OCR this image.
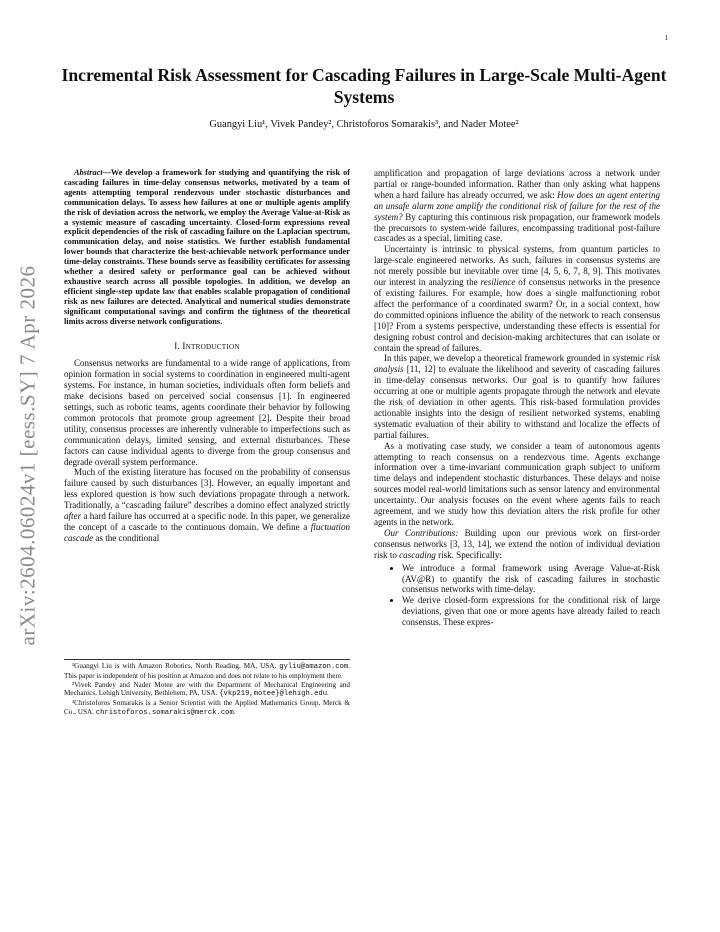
1
arXiv:2604.06024v1 [eess.SY] 7 Apr 2026
Incremental Risk Assessment for Cascading Failures in Large-Scale Multi-Agent Systems
Guangyi Liu¹, Vivek Pandey², Christoforos Somarakis³, and Nader Motee²

Abstract—We develop a framework for studying and quantifying the risk of cascading failures in time-delay consensus networks, motivated by a team of agents attempting temporal rendezvous under stochastic disturbances and communication delays. To assess how failures at one or multiple agents amplify the risk of deviation across the network, we employ the Average Value-at-Risk as a systemic measure of cascading uncertainty. Closed-form expressions reveal explicit dependencies of the risk of cascading failure on the Laplacian spectrum, communication delay, and noise statistics. We further establish fundamental lower bounds that characterize the best-achievable network performance under time-delay constraints. These bounds serve as feasibility certificates for assessing whether a desired safety or performance goal can be achieved without exhaustive search across all possible topologies. In addition, we develop an efficient single-step update law that enables scalable propagation of conditional risk as new failures are detected. Analytical and numerical studies demonstrate significant computational savings and confirm the tightness of the theoretical limits across diverse network configurations.

I. INTRODUCTION

Consensus networks are fundamental to a wide range of applications, from opinion formation in social systems to coordination in engineered multi-agent systems. For instance, in human societies, individuals often form beliefs and make decisions based on perceived social consensus [1]. In engineered settings, such as robotic teams, agents coordinate their behavior by following common protocols that promote group agreement [2]. Despite their broad utility, consensus processes are inherently vulnerable to imperfections such as communication delays, limited sensing, and external disturbances. These factors can cause individual agents to diverge from the group consensus and degrade overall system performance.

Much of the existing literature has focused on the probability of consensus failure caused by such disturbances [3]. However, an equally important and less explored question is how such deviations propagate through a network. Traditionally, a “cascading failure” describes a domino effect analyzed strictly after a hard failure has occurred at a specific node. In this paper, we generalize the concept of a cascade to the continuous domain. We define a fluctuation cascade as the conditional

¹Guangyi Liu is with Amazon Robotics, North Reading, MA, USA. gyliu@amazon.com. This paper is independent of his position at Amazon and does not relate to his employment there.
²Vivek Pandey and Nader Motee are with the Department of Mechanical Engineering and Mechanics, Lehigh University, Bethlehem, PA, USA. {vkp219,motee}@lehigh.edu.
³Christoforos Somarakis is a Senior Scientist with the Applied Mathematics Group, Merck & Co., USA. christoforos.somarakis@merck.com.

amplification and propagation of large deviations across a network under partial or range-bounded information. Rather than only asking what happens when a hard failure has already occurred, we ask: How does an agent entering an unsafe alarm zone amplify the conditional risk of failure for the rest of the system? By capturing this continuous risk propagation, our framework models the precursors to system-wide failures, encompassing traditional post-failure cascades as a special, limiting case.

Uncertainty is intrinsic to physical systems, from quantum particles to large-scale engineered networks. As such, failures in consensus systems are not merely possible but inevitable over time [4, 5, 6, 7, 8, 9]. This motivates our interest in analyzing the resilience of consensus networks in the presence of existing failures. For example, how does a single malfunctioning robot affect the performance of a coordinated swarm? Or, in a social context, how do committed opinions influence the ability of the network to reach consensus [10]? From a systems perspective, understanding these effects is essential for designing robust control and decision-making architectures that can isolate or contain the spread of failures.

In this paper, we develop a theoretical framework grounded in systemic risk analysis [11, 12] to evaluate the likelihood and severity of cascading failures in time-delay consensus networks. Our goal is to quantify how failures occurring at one or multiple agents propagate through the network and elevate the risk of deviation in other agents. This risk-based formulation provides actionable insights into the design of resilient networked systems, enabling systematic evaluation of their ability to withstand and localize the effects of partial failures.

As a motivating case study, we consider a team of autonomous agents attempting to reach consensus on a rendezvous time. Agents exchange information over a time-invariant communication graph subject to uniform time delays and independent stochastic disturbances. These delays and noise sources model real-world limitations such as sensor latency and environmental uncertainty. Our analysis focuses on the event where agents fails to reach agreement, and we study how this deviation alters the risk profile for other agents in the network.

Our Contributions: Building upon our previous work on first-order consensus networks [3, 13, 14], we extend the notion of individual deviation risk to cascading risk. Specifically:

• We introduce a formal framework using Average Value-at-Risk (AV@R) to quantify the risk of cascading failures in stochastic consensus networks with time-delay.
• We derive closed-form expressions for the conditional risk of large deviations, given that one or more agents have already failed to reach consensus. These expres-
